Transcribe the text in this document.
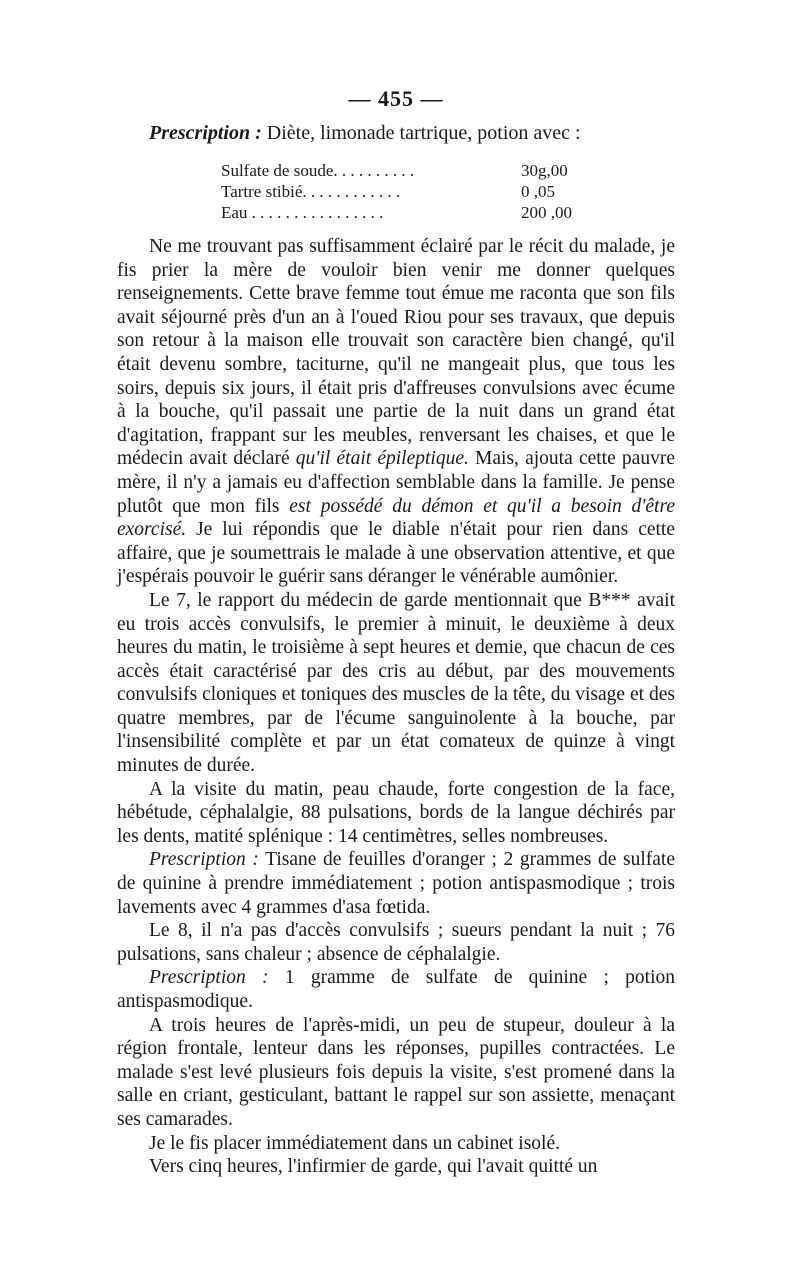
— 455 —
Prescription : Diète, limonade tartrique, potion avec :
Sulfate de soude. . . . . . . . . .	30g,00
Tartre stibié. . . . . . . . . . . .	0 ,05
Eau . . . . . . . . . . . . . . . .	200 ,00

Ne me trouvant pas suffisamment éclairé par le récit du malade, je fis prier la mère de vouloir bien venir me donner quelques renseignements. Cette brave femme tout émue me raconta que son fils avait séjourné près d'un an à l'oued Riou pour ses travaux, que depuis son retour à la maison elle trouvait son caractère bien changé, qu'il était devenu sombre, taciturne, qu'il ne mangeait plus, que tous les soirs, depuis six jours, il était pris d'affreuses convulsions avec écume à la bouche, qu'il passait une partie de la nuit dans un grand état d'agitation, frappant sur les meubles, renversant les chaises, et que le médecin avait déclaré qu'il était épileptique. Mais, ajouta cette pauvre mère, il n'y a jamais eu d'affection semblable dans la famille. Je pense plutôt que mon fils est possédé du démon et qu'il a besoin d'être exorcisé. Je lui répondis que le diable n'était pour rien dans cette affaire, que je soumettrais le malade à une observation attentive, et que j'espérais pouvoir le guérir sans déranger le vénérable aumônier.

Le 7, le rapport du médecin de garde mentionnait que B*** avait eu trois accès convulsifs, le premier à minuit, le deuxième à deux heures du matin, le troisième à sept heures et demie, que chacun de ces accès était caractérisé par des cris au début, par des mouvements convulsifs cloniques et toniques des muscles de la tête, du visage et des quatre membres, par de l'écume sanguinolente à la bouche, par l'insensibilité complète et par un état comateux de quinze à vingt minutes de durée.

A la visite du matin, peau chaude, forte congestion de la face, hébétude, céphalalgie, 88 pulsations, bords de la langue déchirés par les dents, matité splénique : 14 centimètres, selles nombreuses.

Prescription : Tisane de feuilles d'oranger ; 2 grammes de sulfate de quinine à prendre immédiatement ; potion antispasmodique ; trois lavements avec 4 grammes d'asa fœtida.

Le 8, il n'a pas d'accès convulsifs ; sueurs pendant la nuit ; 76 pulsations, sans chaleur ; absence de céphalalgie.

Prescription : 1 gramme de sulfate de quinine ; potion antispasmodique.

A trois heures de l'après-midi, un peu de stupeur, douleur à la région frontale, lenteur dans les réponses, pupilles contractées. Le malade s'est levé plusieurs fois depuis la visite, s'est promené dans la salle en criant, gesticulant, battant le rappel sur son assiette, menaçant ses camarades.

Je le fis placer immédiatement dans un cabinet isolé.

Vers cinq heures, l'infirmier de garde, qui l'avait quitté un
